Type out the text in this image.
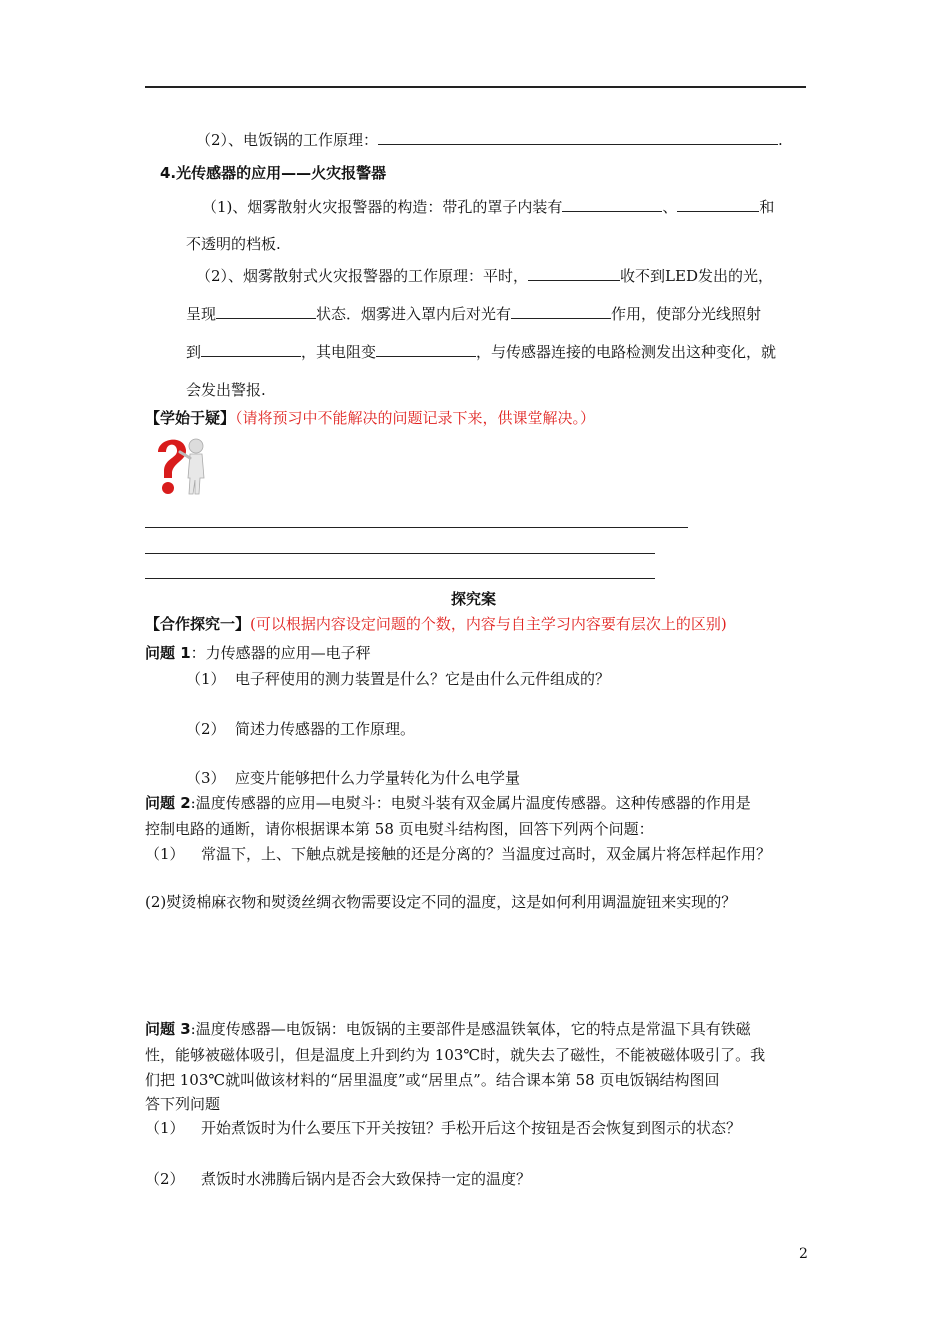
（2）、电饭锅的工作原理：	.
4.光传感器的应用——火灾报警器
（1)、烟雾散射火灾报警器的构造：带孔的罩子内装有	、	和
不透明的档板.
（2）、烟雾散射式火灾报警器的工作原理：平时，	收不到LED发出的光，
呈现	状态．烟雾进入罩内后对光有	作用，使部分光线照射
到	，其电阻变	，与传感器连接的电路检测发出这种变化，就
会发出警报.
【学始于疑】（请将预习中不能解决的问题记录下来，供课堂解决。）
探究案
【合作探究一】(可以根据内容设定问题的个数，内容与自主学习内容要有层次上的区别)
问题 1：力传感器的应用—电子秤
（1） 电子秤使用的测力装置是什么？它是由什么元件组成的？
（2） 简述力传感器的工作原理。
（3） 应变片能够把什么力学量转化为什么电学量
问题 2:温度传感器的应用—电熨斗：电熨斗装有双金属片温度传感器。这种传感器的作用是
控制电路的通断，请你根据课本第 58 页电熨斗结构图，回答下列两个问题：
（1） 常温下，上、下触点就是接触的还是分离的？当温度过高时，双金属片将怎样起作用？
(2)熨烫棉麻衣物和熨烫丝绸衣物需要设定不同的温度，这是如何利用调温旋钮来实现的？
问题 3:温度传感器—电饭锅：电饭锅的主要部件是感温铁氧体，它的特点是常温下具有铁磁
性，能够被磁体吸引，但是温度上升到约为 103℃时，就失去了磁性，不能被磁体吸引了。我
们把 103℃就叫做该材料的“居里温度”或“居里点”。结合课本第 58 页电饭锅结构图回
答下列问题
（1） 开始煮饭时为什么要压下开关按钮？手松开后这个按钮是否会恢复到图示的状态？
（2） 煮饭时水沸腾后锅内是否会大致保持一定的温度？
2
